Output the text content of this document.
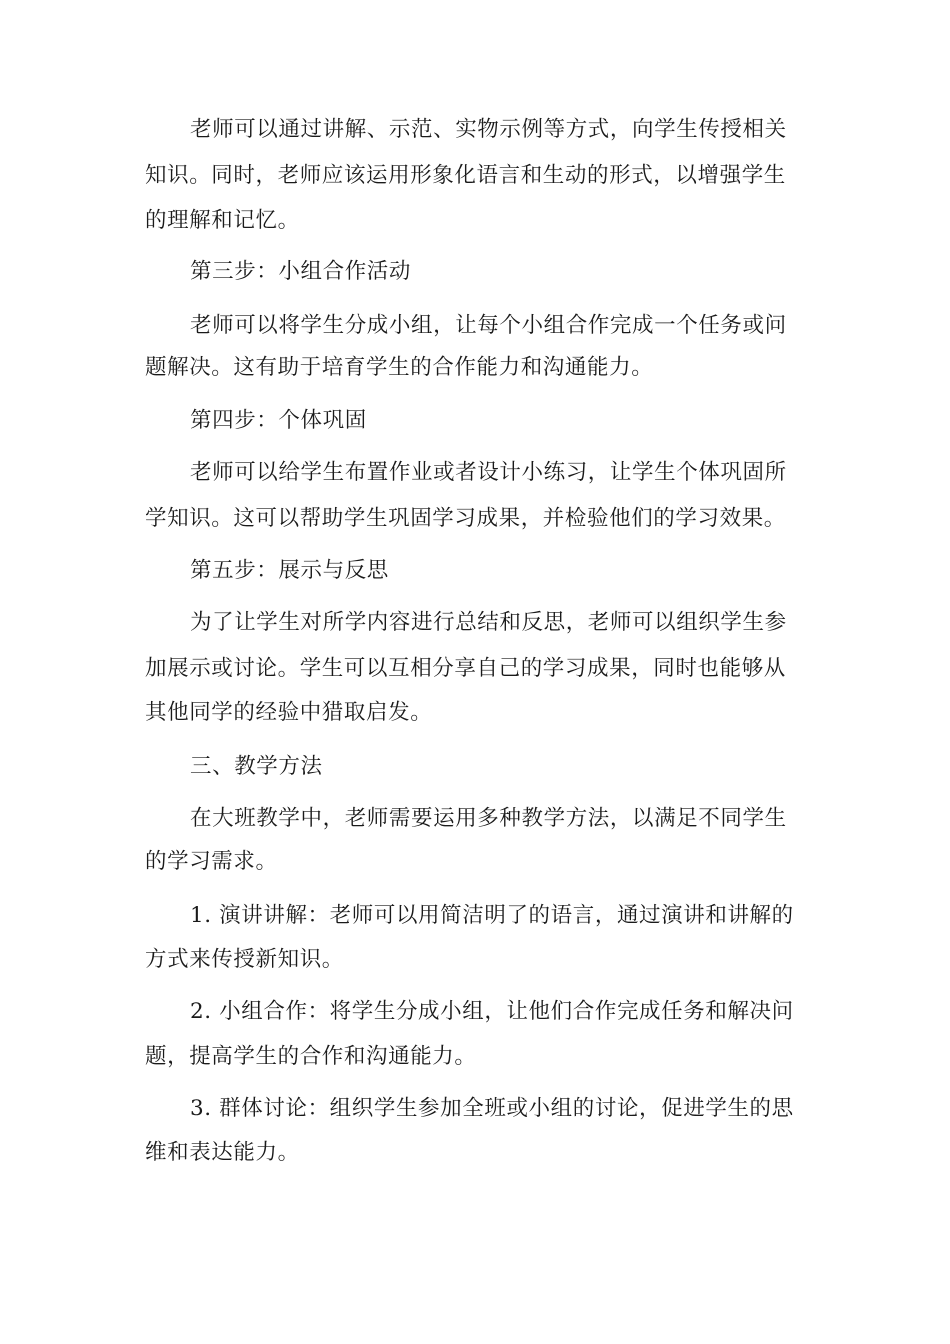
老师可以通过讲解、示范、实物示例等方式，向学生传授相关
知识。同时，老师应该运用形象化语言和生动的形式，以增强学生
的理解和记忆。
第三步：小组合作活动
老师可以将学生分成小组，让每个小组合作完成一个任务或问
题解决。这有助于培育学生的合作能力和沟通能力。
第四步：个体巩固
老师可以给学生布置作业或者设计小练习，让学生个体巩固所
学知识。这可以帮助学生巩固学习成果，并检验他们的学习效果。
第五步：展示与反思
为了让学生对所学内容进行总结和反思，老师可以组织学生参
加展示或讨论。学生可以互相分享自己的学习成果，同时也能够从
其他同学的经验中猎取启发。
三、教学方法
在大班教学中，老师需要运用多种教学方法，以满足不同学生
的学习需求。
1. 演讲讲解：老师可以用简洁明了的语言，通过演讲和讲解的
方式来传授新知识。
2. 小组合作：将学生分成小组，让他们合作完成任务和解决问
题，提高学生的合作和沟通能力。
3. 群体讨论：组织学生参加全班或小组的讨论，促进学生的思
维和表达能力。
